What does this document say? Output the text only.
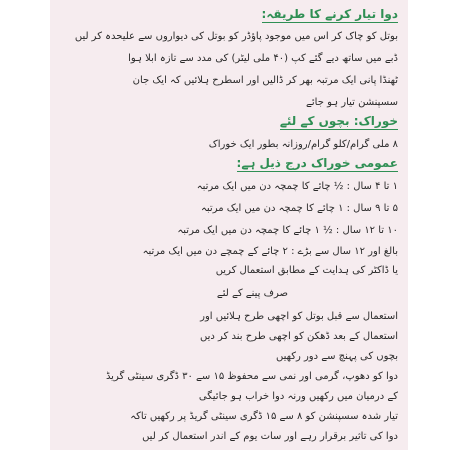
دوا تیار کرنے کا طریقہ:
بوتل کو چاک کر اس میں موجود پاؤڈر کو بوتل کی دیواروں سے علیحدہ کر لیں
ڈبے میں ساتھ دیے گئے کپ (۴۰ ملی لیٹر) کی مدد سے تازہ ابلا ہوا
ٹھنڈا پانی ایک مرتبہ بھر کر ڈالیں اور اسطرح ہلائیں کہ ایک جان
سسپنشن تیار ہو جائے
خوراک: بچوں کے لئے
۸ ملی گرام/کلو گرام/روزانہ بطور ایک خوراک
عمومی خوراک درج ذیل ہے:
۱ تا ۴ سال : ½ چائے کا چمچہ دن میں ایک مرتبہ
۵ تا ۹ سال : ۱ چائے کا چمچہ دن میں ایک مرتبہ
۱۰ تا ۱۲ سال : ½ ۱ چائے کا چمچہ دن میں ایک مرتبہ
بالغ اور ۱۲ سال سے بڑے : ۲ چائے کے چمچے دن میں ایک مرتبہ
یا ڈاکٹر کی ہدایت کے مطابق استعمال کریں
صرف پینے کے لئے
استعمال سے قبل بوتل کو اچھی طرح ہلائیں اور
استعمال کے بعد ڈھکن کو اچھی طرح بند کر دیں
بچوں کی پہنچ سے دور رکھیں
دوا کو دھوپ، گرمی اور نمی سے محفوظ ۱۵ سے ۳۰ ڈگری سینٹی گریڈ
کے درمیان میں رکھیں ورنہ دوا خراب ہو جائیگی
تیار شدہ سسپنشن کو ۸ سے ۱۵ ڈگری سینٹی گریڈ پر رکھیں تاکہ
دوا کی تاثیر برقرار رہے اور سات یوم کے اندر استعمال کر لیں
